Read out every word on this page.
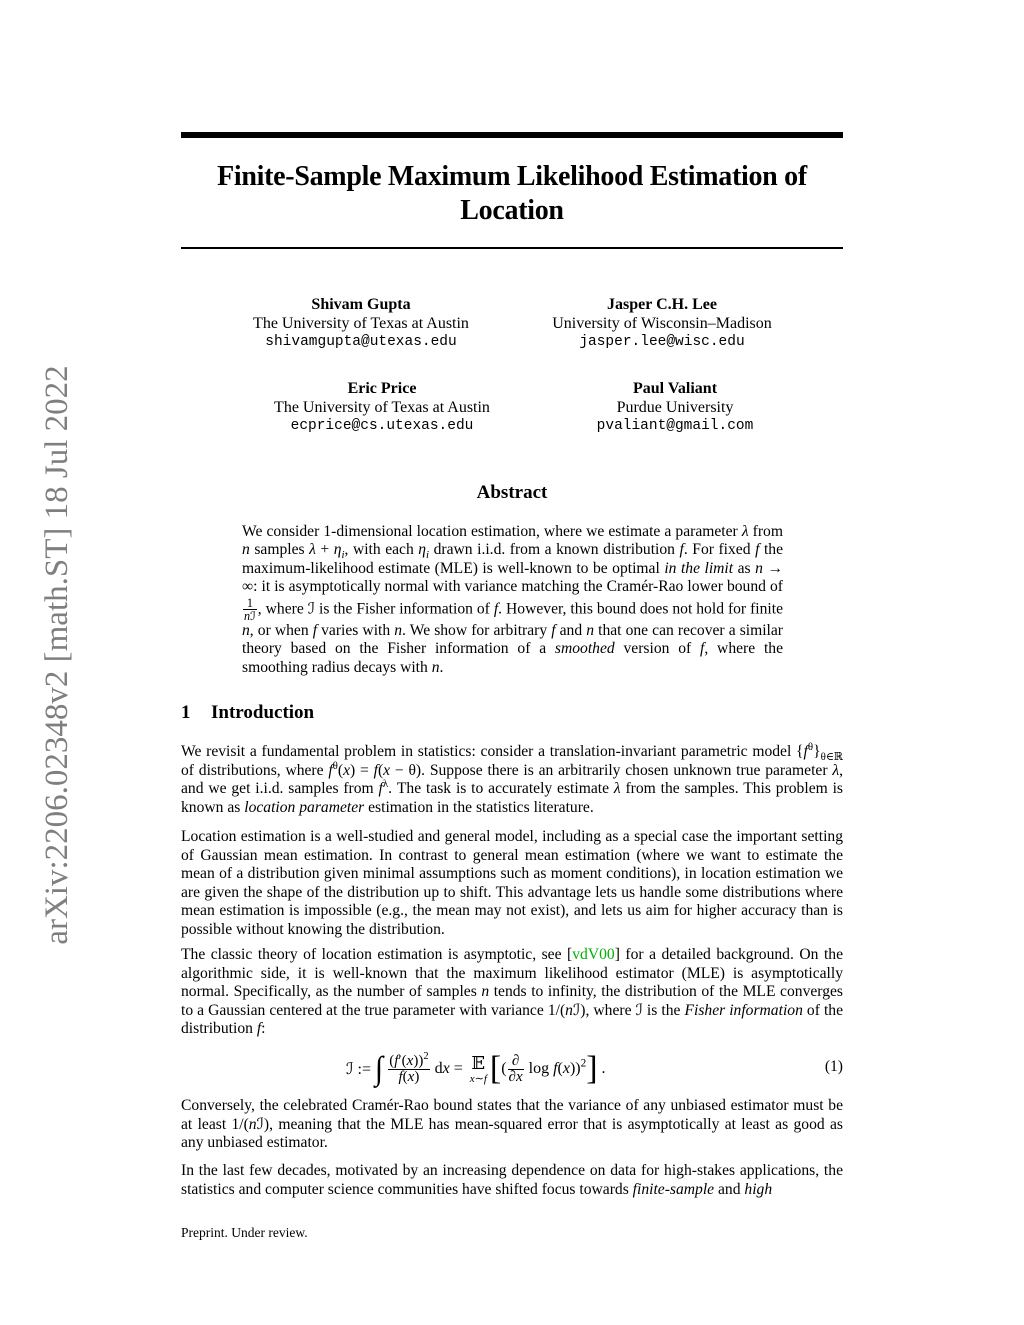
arXiv:2206.02348v2 [math.ST] 18 Jul 2022
Finite-Sample Maximum Likelihood Estimation of Location
Shivam Gupta
The University of Texas at Austin
shivamgupta@utexas.edu
Jasper C.H. Lee
University of Wisconsin–Madison
jasper.lee@wisc.edu
Eric Price
The University of Texas at Austin
ecprice@cs.utexas.edu
Paul Valiant
Purdue University
pvaliant@gmail.com
Abstract

We consider 1-dimensional location estimation, where we estimate a parameter λ from n samples $\lambda + \eta_i$, with each $\eta_i$ drawn i.i.d. from a known distribution f. For fixed f the maximum-likelihood estimate (MLE) is well-known to be optimal in the limit as n → ∞: it is asymptotically normal with variance matching the Cramér-Rao lower bound of
$\frac{1}{\text{nℐ}}$ , where ℐ is the Fisher information of f. However, this bound does not hold for finite n, or when f varies with n. We show for arbitrary f and n that one can recover a similar theory based on the Fisher information of a smoothed version of f, where the smoothing radius decays with n.

1 Introduction

We revisit a fundamental problem in statistics: consider a translation-invariant parametric model $\{f^\theta\}_{\theta\in ℝ}$ of distributions, where $f^\theta(x) = f(x - \theta)$. Suppose there is an arbitrarily chosen unknown true parameter λ, and we get i.i.d. samples from $f^\lambda$. The task is to accurately estimate λ from the samples. This problem is known as location parameter estimation in the statistics literature.

Location estimation is a well-studied and general model, including as a special case the important setting of Gaussian mean estimation. In contrast to general mean estimation (where we want to estimate the mean of a distribution given minimal assumptions such as moment conditions), in location estimation we are given the shape of the distribution up to shift. This advantage lets us handle some distributions where mean estimation is impossible (e.g., the mean may not exist), and lets us aim for higher accuracy than is possible without knowing the distribution.

The classic theory of location estimation is asymptotic, see [vdV00] for a detailed background. On the algorithmic side, it is well-known that the maximum likelihood estimator (MLE) is asymptotically normal. Specifically, as the number of samples n tends to infinity, the distribution of the MLE converges to a Gaussian centered at the true parameter with variance 1/(nℐ), where ℐ is the Fisher information of the distribution f:

ℐ := ∫ $\frac{(f'(x))^2}{f(x)}$ dx = 𝔼
x∼f [ ( $\frac{\partial}{\partial x}$ log f(x))$^2$ ] .	(1)

Conversely, the celebrated Cramér-Rao bound states that the variance of any unbiased estimator must be at least 1/(nℐ), meaning that the MLE has mean-squared error that is asymptotically at least as good as any unbiased estimator.

In the last few decades, motivated by an increasing dependence on data for high-stakes applications, the statistics and computer science communities have shifted focus towards finite-sample and high

Preprint. Under review.
